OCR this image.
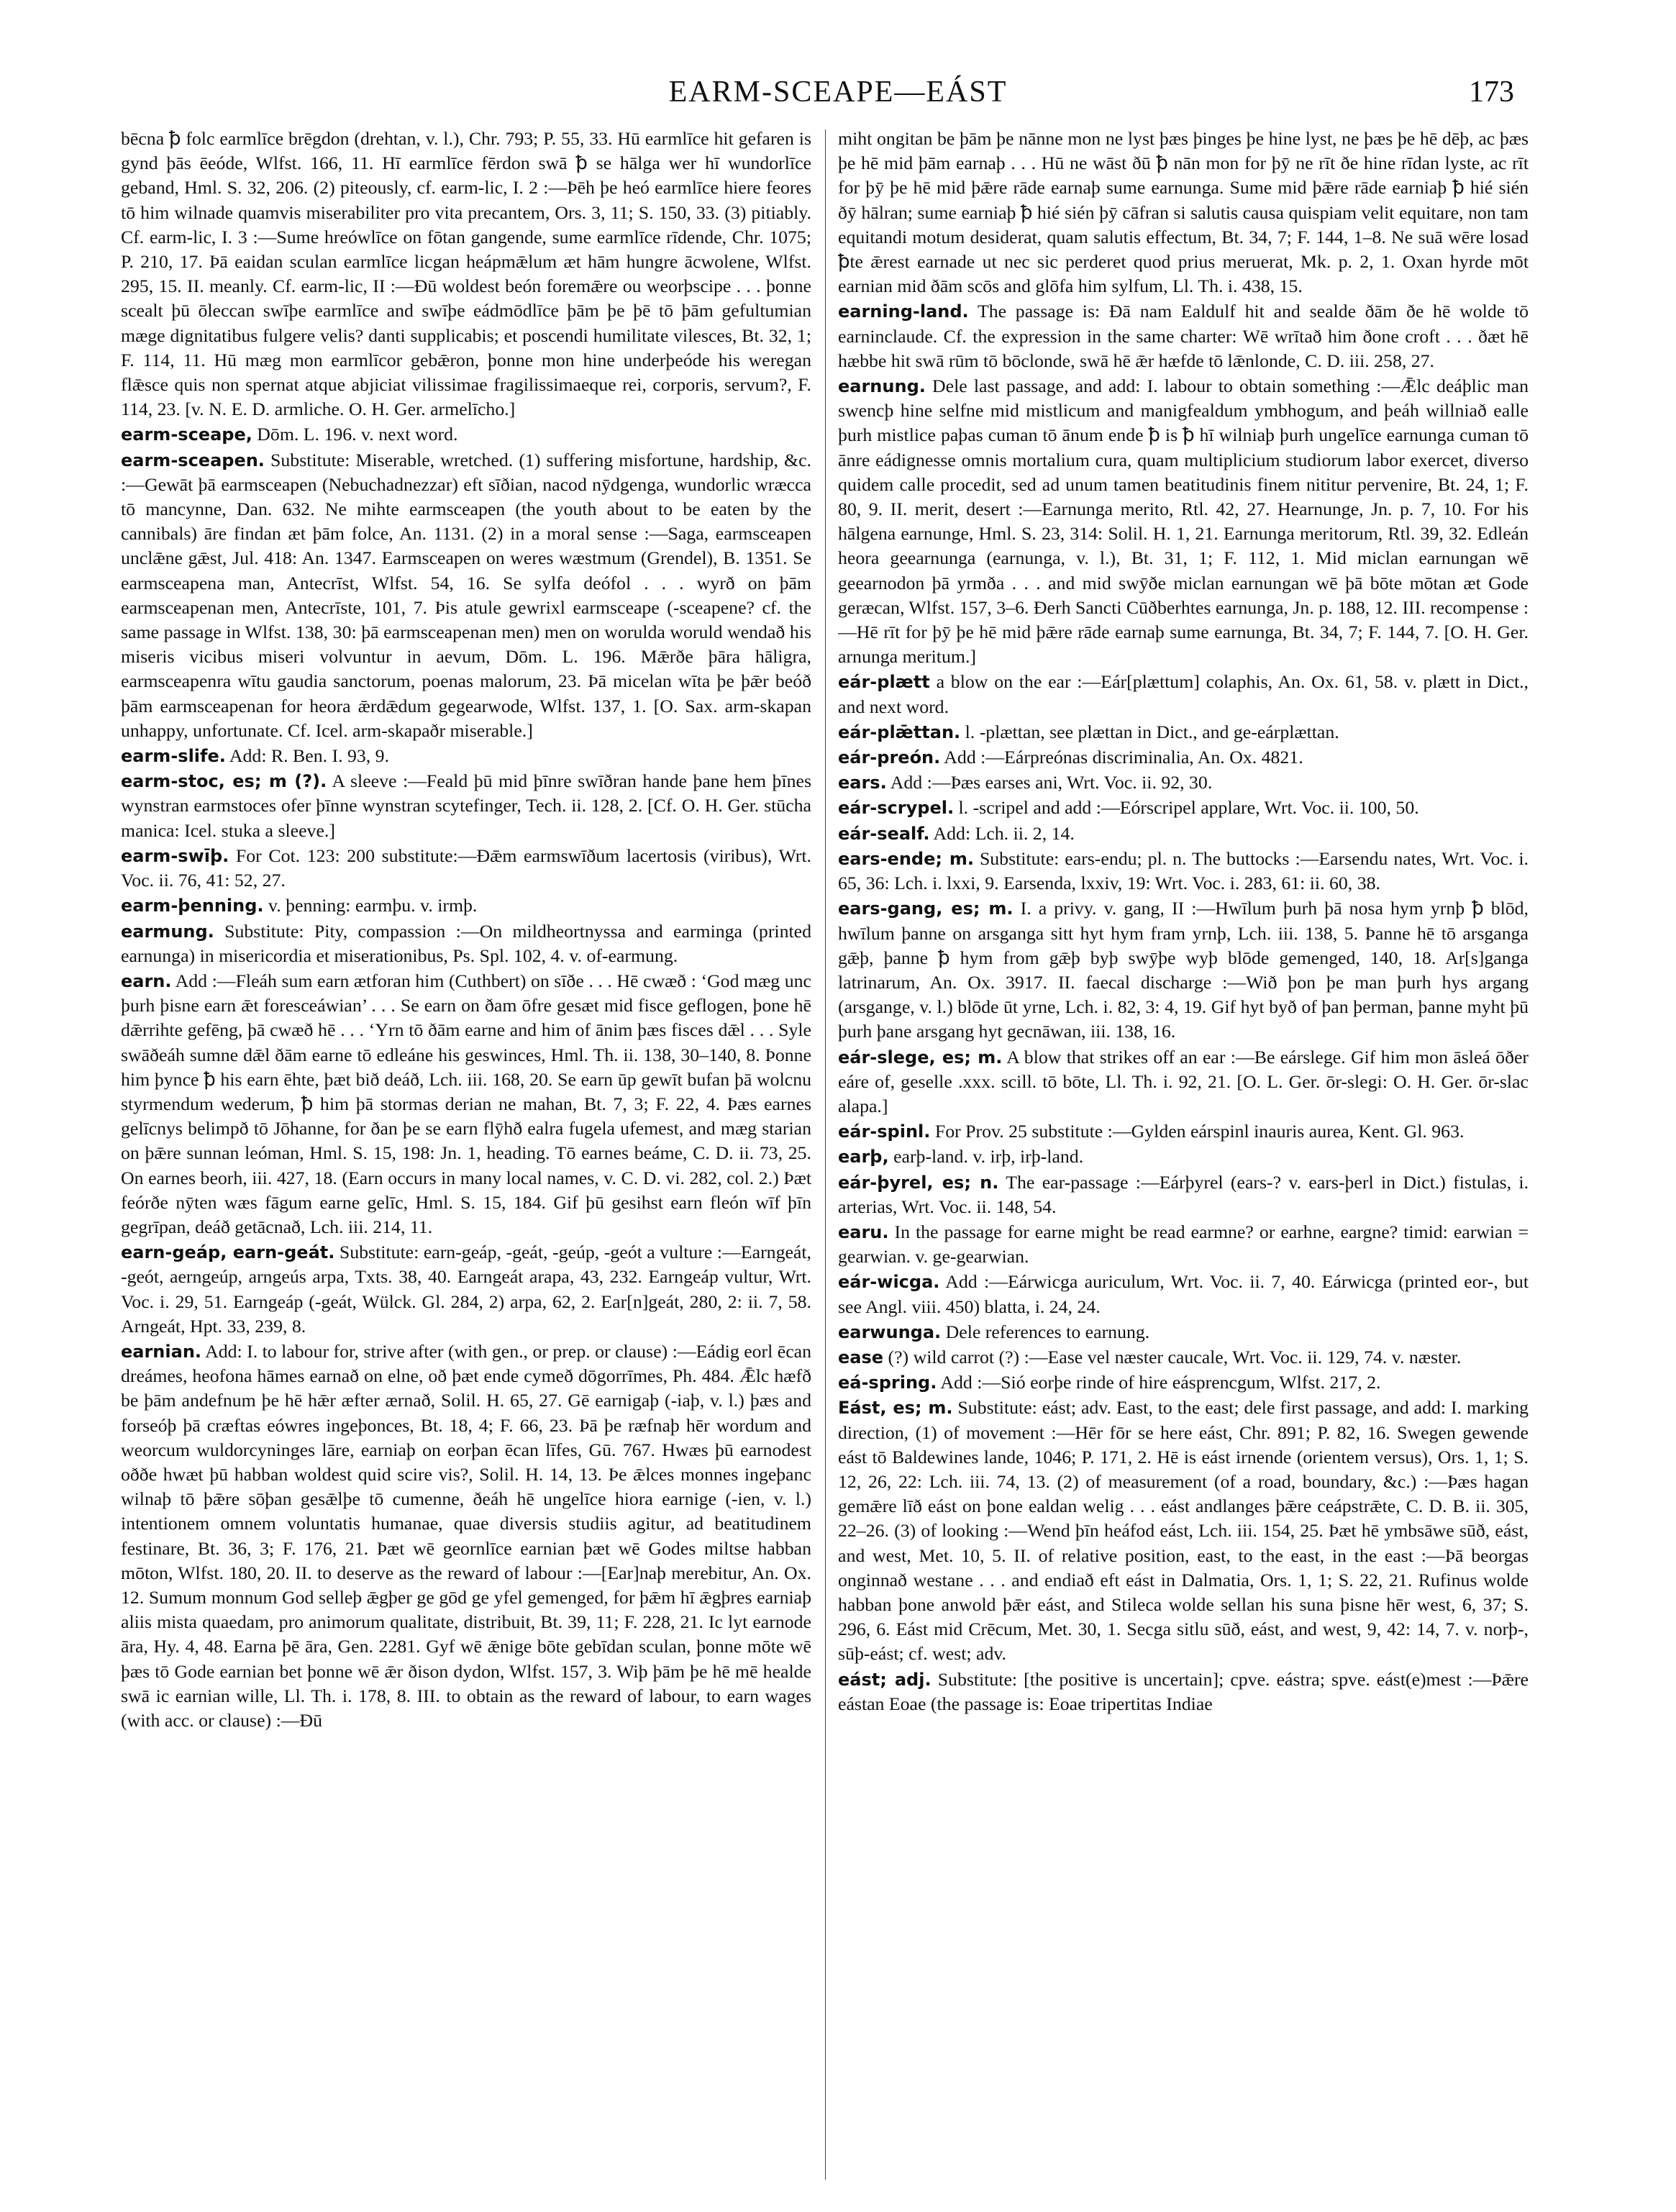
EARM-SCEAPE—EÁST	173

bēcna ꝥ folc earmlīce brēgdon (drehtan, v. l.), Chr. 793; P. 55, 33. Hū earmlīce hit gefaren is gynd þās ēeóde, Wlfst. 166, 11. Hī earmlīce fērdon swā ꝥ se hālga wer hī wundorlīce geband, Hml. S. 32, 206. (2) piteously, cf. earm-lic, I. 2 :—Þēh þe heó earmlīce hiere feores tō him wilnade quamvis miserabiliter pro vita precantem, Ors. 3, 11; S. 150, 33. (3) pitiably. Cf. earm-lic, I. 3 :—Sume hreówlīce on fōtan gangende, sume earmlīce rīdende, Chr. 1075; P. 210, 17. Þā eaidan sculan earmlīce licgan heápmǣlum æt hām hungre ācwolene, Wlfst. 295, 15. II. meanly. Cf. earm-lic, II :—Ðū woldest beón foremǣre ou weorþscipe . . . þonne scealt þū ōleccan swīþe earmlīce and swīþe eádmōdlīce þām þe þē tō þām gefultumian mæge dignitatibus fulgere velis? danti supplicabis; et poscendi humilitate vilesces, Bt. 32, 1; F. 114, 11. Hū mæg mon earmlīcor gebǣron, þonne mon hine underþeóde his weregan flǣsce quis non spernat atque abjiciat vilissimae fragilissimaeque rei, corporis, servum?, F. 114, 23. [v. N. E. D. armliche. O. H. Ger. armelīcho.]

earm-sceape, Dōm. L. 196. v. next word.

earm-sceapen. Substitute: Miserable, wretched. (1) suffering misfortune, hardship, &c. :—Gewāt þā earmsceapen (Nebuchadnezzar) eft sīðian, nacod nȳdgenga, wundorlic wræcca tō mancynne, Dan. 632. Ne mihte earmsceapen (the youth about to be eaten by the cannibals) āre findan æt þām folce, An. 1131. (2) in a moral sense :—Saga, earmsceapen unclǣne gǣst, Jul. 418: An. 1347. Earmsceapen on weres wæstmum (Grendel), B. 1351. Se earmsceapena man, Antecrīst, Wlfst. 54, 16. Se sylfa deófol . . . wyrð on þām earmsceapenan men, Antecrīste, 101, 7. Þis atule gewrixl earmsceape (-sceapene? cf. the same passage in Wlfst. 138, 30: þā earmsceapenan men) men on worulda woruld wendað his miseris vicibus miseri volvuntur in aevum, Dōm. L. 196. Mǣrðe þāra hāligra, earmsceapenra wītu gaudia sanctorum, poenas malorum, 23. Þā micelan wīta þe þǣr beóð þām earmsceapenan for heora ǣrdǣdum gegearwode, Wlfst. 137, 1. [O. Sax. arm-skapan unhappy, unfortunate. Cf. Icel. arm-skapaðr miserable.]

earm-slife. Add: R. Ben. I. 93, 9.

earm-stoc, es; m (?). A sleeve :—Feald þū mid þīnre swīðran hande þane hem þīnes wynstran earmstoces ofer þīnne wynstran scytefinger, Tech. ii. 128, 2. [Cf. O. H. Ger. stūcha manica: Icel. stuka a sleeve.]

earm-swīþ. For Cot. 123: 200 substitute:—Ðǣm earmswīðum lacertosis (viribus), Wrt. Voc. ii. 76, 41: 52, 27.

earm-þenning. v. þenning: earmþu. v. irmþ.

earmung. Substitute: Pity, compassion :—On mildheortnyssa and earminga (printed earnunga) in misericordia et miserationibus, Ps. Spl. 102, 4. v. of-earmung.

earn. Add :—Fleáh sum earn ætforan him (Cuthbert) on sīðe . . . Hē cwæð : ‘God mæg unc þurh þisne earn ǣt foresceáwian’ . . . Se earn on ðam ōfre gesæt mid fisce geflogen, þone hē dǣrrihte gefēng, þā cwæð hē . . . ‘Yrn tō ðām earne and him of ānim þæs fisces dǣl . . . Syle swāðeáh sumne dǣl ðām earne tō edleáne his geswinces, Hml. Th. ii. 138, 30–140, 8. Þonne him þynce ꝥ his earn ēhte, þæt bið deáð, Lch. iii. 168, 20. Se earn ūp gewīt bufan þā wolcnu styrmendum wederum, ꝥ him þā stormas derian ne mahan, Bt. 7, 3; F. 22, 4. Þæs earnes gelīcnys belimpð tō Jōhanne, for ðan þe se earn flȳhð ealra fugela ufemest, and mæg starian on þǣre sunnan leóman, Hml. S. 15, 198: Jn. 1, heading. Tō earnes beáme, C. D. ii. 73, 25. On earnes beorh, iii. 427, 18. (Earn occurs in many local names, v. C. D. vi. 282, col. 2.) Þæt feórðe nȳten wæs fāgum earne gelīc, Hml. S. 15, 184. Gif þū gesihst earn fleón wīf þīn gegrīpan, deáð getācnað, Lch. iii. 214, 11.

earn-geáp, earn-geát. Substitute: earn-geáp, -geát, -geúp, -geót a vulture :—Earngeát, -geót, aerngeúp, arngeús arpa, Txts. 38, 40. Earngeát arapa, 43, 232. Earngeáp vultur, Wrt. Voc. i. 29, 51. Earngeáp (-geát, Wülck. Gl. 284, 2) arpa, 62, 2. Ear[n]geát, 280, 2: ii. 7, 58. Arngeát, Hpt. 33, 239, 8.

earnian. Add: I. to labour for, strive after (with gen., or prep. or clause) :—Eádig eorl ēcan dreámes, heofona hāmes earnað on elne, oð þæt ende cymeð dōgorrīmes, Ph. 484. Ǣlc hæfð be þām andefnum þe hē hǣr æfter ærnað, Solil. H. 65, 27. Gē earnigaþ (-iaþ, v. l.) þæs and forseóþ þā cræftas eówres ingeþonces, Bt. 18, 4; F. 66, 23. Þā þe ræfnaþ hēr wordum and weorcum wuldorcyninges lāre, earniaþ on eorþan ēcan līfes, Gū. 767. Hwæs þū earnodest oððe hwæt þū habban woldest quid scire vis?, Solil. H. 14, 13. Þe ǣlces monnes ingeþanc wilnaþ tō þǣre sōþan gesǣlþe tō cumenne, ðeáh hē ungelīce hiora earnige (-ien, v. l.) intentionem omnem voluntatis humanae, quae diversis studiis agitur, ad beatitudinem festinare, Bt. 36, 3; F. 176, 21. Þæt wē geornlīce earnian þæt wē Godes miltse habban mōton, Wlfst. 180, 20. II. to deserve as the reward of labour :—[Ear]naþ merebitur, An. Ox. 12. Sumum monnum God selleþ ǣgþer ge gōd ge yfel gemenged, for þǣm hī ǣgþres earniaþ aliis mista quaedam, pro animorum qualitate, distribuit, Bt. 39, 11; F. 228, 21. Ic lyt earnode āra, Hy. 4, 48. Earna þē āra, Gen. 2281. Gyf wē ǣnige bōte gebīdan sculan, þonne mōte wē þæs tō Gode earnian bet þonne wē ǣr ðison dydon, Wlfst. 157, 3. Wiþ þām þe hē mē healde swā ic earnian wille, Ll. Th. i. 178, 8. III. to obtain as the reward of labour, to earn wages (with acc. or clause) :—Ðū

miht ongitan be þām þe nānne mon ne lyst þæs þinges þe hine lyst, ne þæs þe hē dēþ, ac þæs þe hē mid þām earnaþ . . . Hū ne wāst ðū ꝥ nān mon for þȳ ne rīt ðe hine rīdan lyste, ac rīt for þȳ þe hē mid þǣre rāde earnaþ sume earnunga. Sume mid þǣre rāde earniaþ ꝥ hié sién ðȳ hālran; sume earniaþ ꝥ hié sién þȳ cāfran si salutis causa quispiam velit equitare, non tam equitandi motum desiderat, quam salutis effectum, Bt. 34, 7; F. 144, 1–8. Ne suā wēre losad ꝥte ǣrest earnade ut nec sic perderet quod prius meruerat, Mk. p. 2, 1. Oxan hyrde mōt earnian mid ðām scōs and glōfa him sylfum, Ll. Th. i. 438, 15.

earning-land. The passage is: Ðā nam Ealdulf hit and sealde ðām ðe hē wolde tō earninclaude. Cf. the expression in the same charter: Wē wrītað him ðone croft . . . ðæt hē hæbbe hit swā rūm tō bōclonde, swā hē ǣr hæfde tō lǣnlonde, C. D. iii. 258, 27.

earnung. Dele last passage, and add: I. labour to obtain something :—Ǣlc deáþlic man swencþ hine selfne mid mistlicum and manigfealdum ymbhogum, and þeáh willniað ealle þurh mistlice paþas cuman tō ānum ende ꝥ is ꝥ hī wilniaþ þurh ungelīce earnunga cuman tō ānre eádignesse omnis mortalium cura, quam multiplicium studiorum labor exercet, diverso quidem calle procedit, sed ad unum tamen beatitudinis finem nititur pervenire, Bt. 24, 1; F. 80, 9. II. merit, desert :—Earnunga merito, Rtl. 42, 27. Hearnunge, Jn. p. 7, 10. For his hālgena earnunge, Hml. S. 23, 314: Solil. H. 1, 21. Earnunga meritorum, Rtl. 39, 32. Edleán heora geearnunga (earnunga, v. l.), Bt. 31, 1; F. 112, 1. Mid miclan earnungan wē geearnodon þā yrmða . . . and mid swȳðe miclan earnungan wē þā bōte mōtan æt Gode geræcan, Wlfst. 157, 3–6. Ðerh Sancti Cūðberhtes earnunga, Jn. p. 188, 12. III. recompense :—Hē rīt for þȳ þe hē mid þǣre rāde earnaþ sume earnunga, Bt. 34, 7; F. 144, 7. [O. H. Ger. arnunga meritum.]

eár-plætt a blow on the ear :—Eár[plættum] colaphis, An. Ox. 61, 58. v. plætt in Dict., and next word.

eár-plǣttan. l. -plættan, see plættan in Dict., and ge-eárplættan.

eár-preón. Add :—Eárpreónas discriminalia, An. Ox. 4821.

ears. Add :—Þæs earses ani, Wrt. Voc. ii. 92, 30.

eár-scrypel. l. -scripel and add :—Eórscripel applare, Wrt. Voc. ii. 100, 50.

eár-sealf. Add: Lch. ii. 2, 14.

ears-ende; m. Substitute: ears-endu; pl. n. The buttocks :—Earsendu nates, Wrt. Voc. i. 65, 36: Lch. i. lxxi, 9. Earsenda, lxxiv, 19: Wrt. Voc. i. 283, 61: ii. 60, 38.

ears-gang, es; m. I. a privy. v. gang, II :—Hwīlum þurh þā nosa hym yrnþ ꝥ blōd, hwīlum þanne on arsganga sitt hyt hym fram yrnþ, Lch. iii. 138, 5. Þanne hē tō arsganga gǣþ, þanne ꝥ hym from gǣþ byþ swȳþe wyþ blōde gemenged, 140, 18. Ar[s]ganga latrinarum, An. Ox. 3917. II. faecal discharge :—Wið þon þe man þurh hys argang (arsgange, v. l.) blōde ūt yrne, Lch. i. 82, 3: 4, 19. Gif hyt byð of þan þerman, þanne myht þū þurh þane arsgang hyt gecnāwan, iii. 138, 16.

eár-slege, es; m. A blow that strikes off an ear :—Be eárslege. Gif him mon āsleá ōðer eáre of, geselle .xxx. scill. tō bōte, Ll. Th. i. 92, 21. [O. L. Ger. ōr-slegi: O. H. Ger. ōr-slac alapa.]

eár-spinl. For Prov. 25 substitute :—Gylden eárspinl inauris aurea, Kent. Gl. 963.

earþ, earþ-land. v. irþ, irþ-land.

eár-þyrel, es; n. The ear-passage :—Eárþyrel (ears-? v. ears-þerl in Dict.) fistulas, i. arterias, Wrt. Voc. ii. 148, 54.

earu. In the passage for earne might be read earmne? or earhne, eargne? timid: earwian = gearwian. v. ge-gearwian.

eár-wicga. Add :—Eárwicga auriculum, Wrt. Voc. ii. 7, 40. Eárwicga (printed eor-, but see Angl. viii. 450) blatta, i. 24, 24.

earwunga. Dele references to earnung.

ease (?) wild carrot (?) :—Ease vel næster caucale, Wrt. Voc. ii. 129, 74. v. næster.

eá-spring. Add :—Sió eorþe rinde of hire eásprencgum, Wlfst. 217, 2.

Eást, es; m. Substitute: eást; adv. East, to the east; dele first passage, and add: I. marking direction, (1) of movement :—Hēr fōr se here eást, Chr. 891; P. 82, 16. Swegen gewende eást tō Baldewines lande, 1046; P. 171, 2. Hē is eást irnende (orientem versus), Ors. 1, 1; S. 12, 26, 22: Lch. iii. 74, 13. (2) of measurement (of a road, boundary, &c.) :—Þæs hagan gemǣre līð eást on þone ealdan welig . . . eást andlanges þǣre ceápstrǣte, C. D. B. ii. 305, 22–26. (3) of looking :—Wend þīn heáfod eást, Lch. iii. 154, 25. Þæt hē ymbsāwe sūð, eást, and west, Met. 10, 5. II. of relative position, east, to the east, in the east :—Þā beorgas onginnað westane . . . and endiað eft eást in Dalmatia, Ors. 1, 1; S. 22, 21. Rufinus wolde habban þone anwold þǣr eást, and Stileca wolde sellan his suna þisne hēr west, 6, 37; S. 296, 6. Eást mid Crēcum, Met. 30, 1. Secga sitlu sūð, eást, and west, 9, 42: 14, 7. v. norþ-, sūþ-eást; cf. west; adv.

eást; adj. Substitute: [the positive is uncertain]; cpve. eástra; spve. eást(e)mest :—Þǣre eástan Eoae (the passage is: Eoae tripertitas Indiae
